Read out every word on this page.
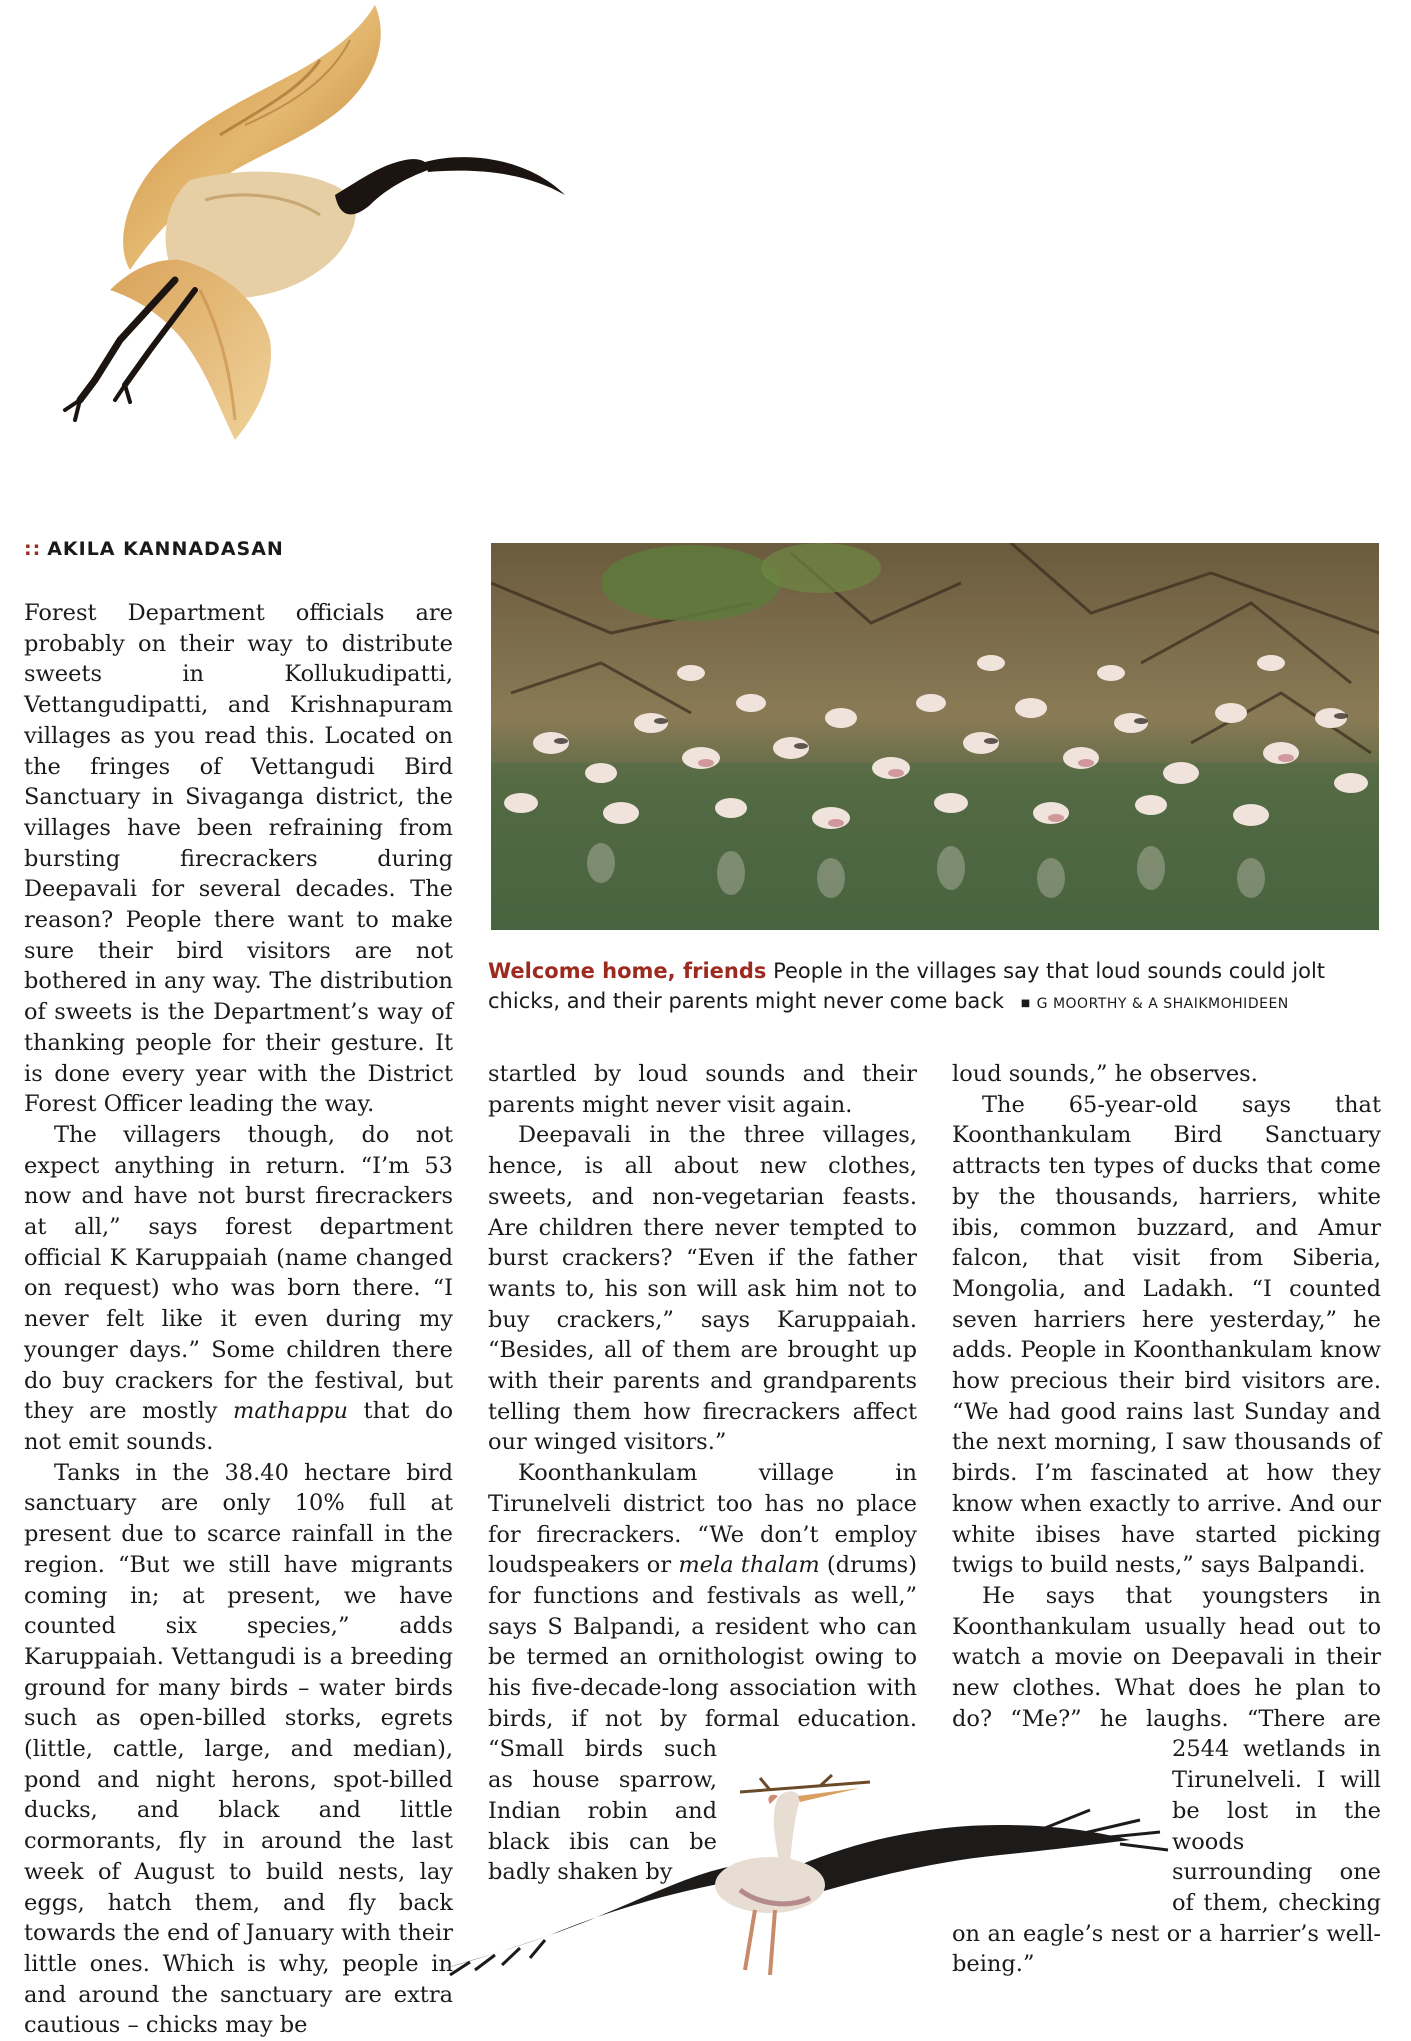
:: AKILA KANNADASAN
Welcome home, friends People in the villages say that loud sounds could jolt chicks, and their parents might never come back ■ G MOORTHY & A SHAIKMOHIDEEN

Forest Department officials are probably on their way to distribute sweets in Kollukudipatti, Vettangudipatti, and Krishnapuram villages as you read this. Located on the fringes of Vettangudi Bird Sanctuary in Sivaganga district, the villages have been refraining from bursting firecrackers during Deepavali for several decades. The reason? People there want to make sure their bird visitors are not bothered in any way. The distribution of sweets is the Department’s way of thanking people for their gesture. It is done every year with the District Forest Officer leading the way.

The villagers though, do not expect anything in return. “I’m 53 now and have not burst firecrackers at all,” says forest department official K Karuppaiah (name changed on request) who was born there. “I never felt like it even during my younger days.” Some children there do buy crackers for the festival, but they are mostly mathappu that do not emit sounds.

Tanks in the 38.40 hectare bird sanctuary are only 10% full at present due to scarce rainfall in the region. “But we still have migrants coming in; at present, we have counted six species,” adds Karuppaiah. Vettangudi is a breeding ground for many birds – water birds such as open-billed storks, egrets (little, cattle, large, and median), pond and night herons, spot-billed ducks, and black and little cormorants, fly in around the last week of August to build nests, lay eggs, hatch them, and fly back towards the end of January with their little ones. Which is why, people in and around the sanctuary are extra cautious – chicks may be

startled by loud sounds and their parents might never visit again.

Deepavali in the three villages, hence, is all about new clothes, sweets, and non-vegetarian feasts. Are children there never tempted to burst crackers? “Even if the father wants to, his son will ask him not to buy crackers,” says Karuppaiah. “Besides, all of them are brought up with their parents and grandparents telling them how firecrackers affect our winged visitors.”

Koonthankulam village in Tirunelveli district too has no place for firecrackers. “We don’t employ loudspeakers or mela thalam (drums) for functions and festivals as well,” says S Balpandi, a resident who can be termed an ornithologist owing to his five-decade-long association with birds, if not by formal education. “Small birds such as house sparrow, Indian robin and black ibis can be badly shaken by

loud sounds,” he observes.

The 65-year-old says that Koonthankulam Bird Sanctuary attracts ten types of ducks that come by the thousands, harriers, white ibis, common buzzard, and Amur falcon, that visit from Siberia, Mongolia, and Ladakh. “I counted seven harriers here yesterday,” he adds. People in Koonthankulam know how precious their bird visitors are. “We had good rains last Sunday and the next morning, I saw thousands of birds. I’m fascinated at how they know when exactly to arrive. And our white ibises have started picking twigs to build nests,” says Balpandi.

He says that youngsters in Koonthankulam usually head out to watch a movie on Deepavali in their new clothes. What does he plan to do? “Me?” he laughs. “There are 2544 wetlands in Tirunelveli. I will be lost in the woods surrounding one of them, checking on an eagle’s nest or a harrier’s well-being.”
